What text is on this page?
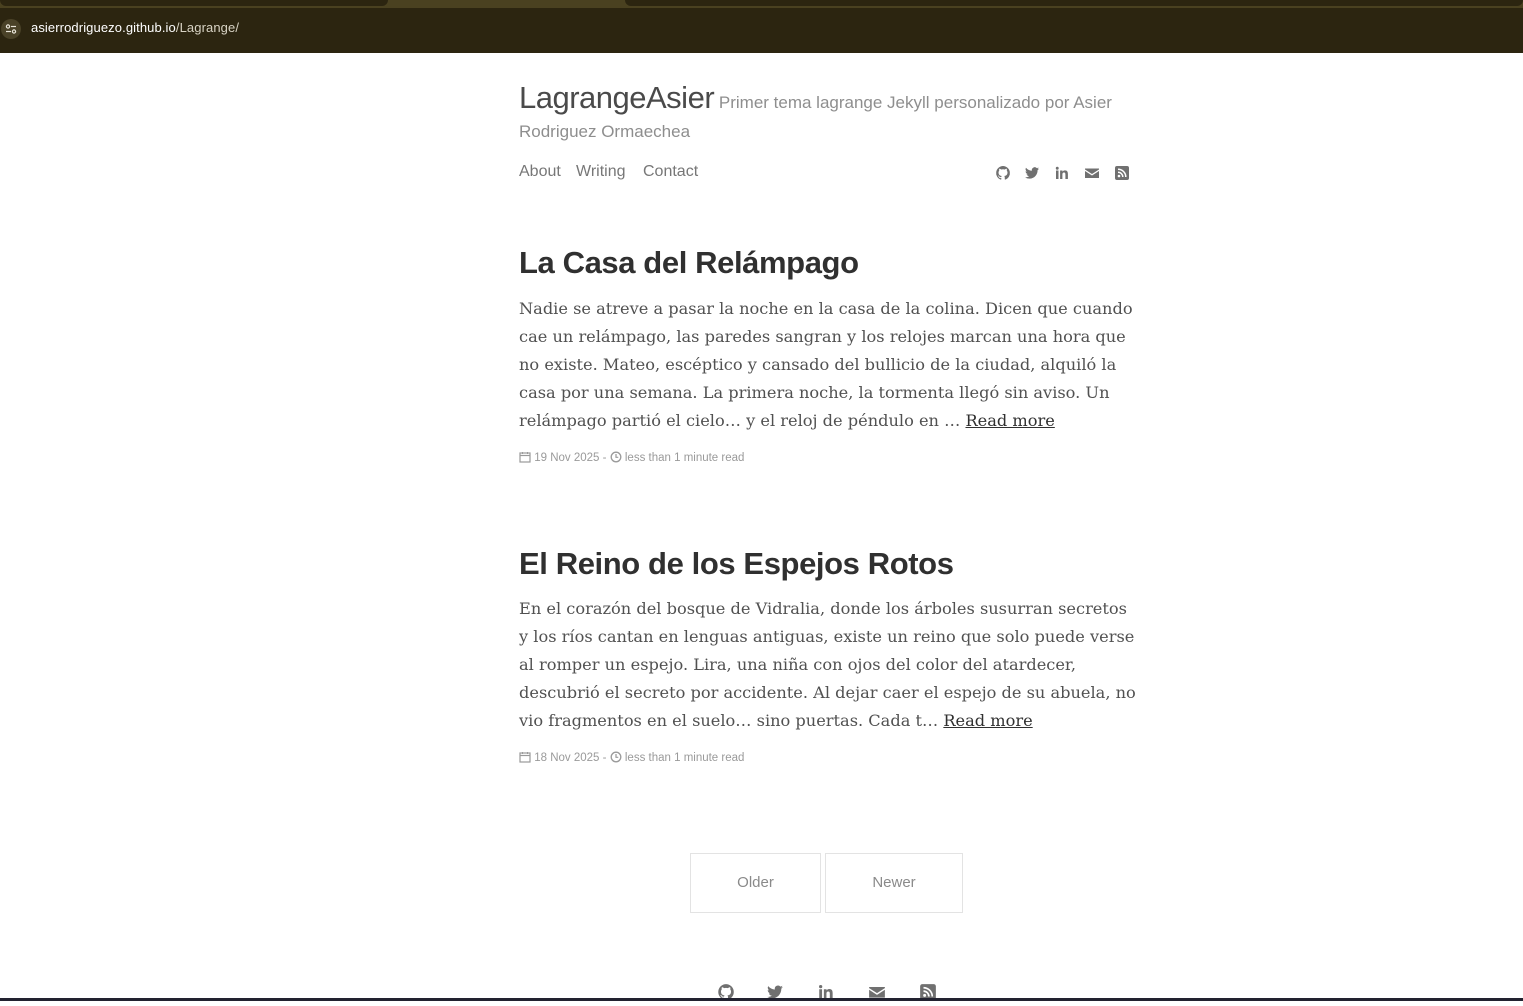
asierrodriguezo.github.io/Lagrange/
LagrangeAsier Primer tema lagrange Jekyll personalizado por Asier Rodriguez Ormaechea
About Writing Contact
La Casa del Relámpago
Nadie se atreve a pasar la noche en la casa de la colina. Dicen que cuando cae un relámpago, las paredes sangran y los relojes marcan una hora que no existe. Mateo, escéptico y cansado del bullicio de la ciudad, alquiló la casa por una semana. La primera noche, la tormenta llegó sin aviso. Un relámpago partió el cielo… y el reloj de péndulo en … Read more
19 Nov 2025 - less than 1 minute read
El Reino de los Espejos Rotos
En el corazón del bosque de Vidralia, donde los árboles susurran secretos y los ríos cantan en lenguas antiguas, existe un reino que solo puede verse al romper un espejo. Lira, una niña con ojos del color del atardecer, descubrió el secreto por accidente. Al dejar caer el espejo de su abuela, no vio fragmentos en el suelo… sino puertas. Cada t… Read more
18 Nov 2025 - less than 1 minute read
Older	Newer
